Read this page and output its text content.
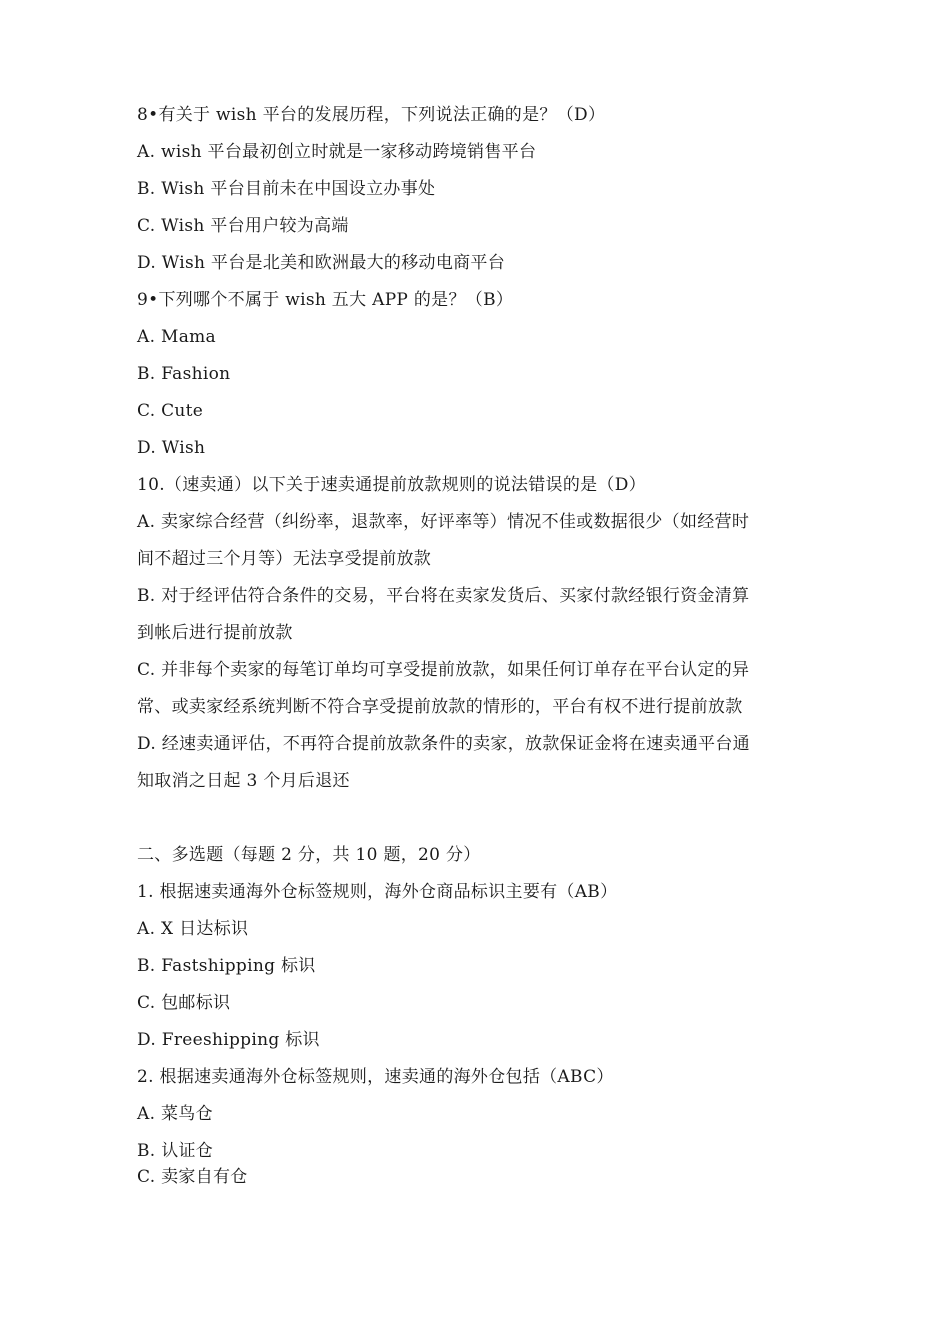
8•有关于 wish 平台的发展历程，下列说法正确的是？（D）
A. wish 平台最初创立时就是一家移动跨境销售平台
B. Wish 平台目前未在中国设立办事处
C. Wish 平台用户较为高端
D. Wish 平台是北美和欧洲最大的移动电商平台
9•下列哪个不属于 wish 五大 APP 的是？（B）
A. Mama
B. Fashion
C. Cute
D. Wish
10.（速卖通）以下关于速卖通提前放款规则的说法错误的是（D）
A. 卖家综合经营（纠纷率，退款率，好评率等）情况不佳或数据很少（如经营时
间不超过三个月等）无法享受提前放款
B. 对于经评估符合条件的交易，平台将在卖家发货后、买家付款经银行资金清算
到帐后进行提前放款
C. 并非每个卖家的每笔订单均可享受提前放款，如果任何订单存在平台认定的异
常、或卖家经系统判断不符合享受提前放款的情形的，平台有权不进行提前放款
D. 经速卖通评估，不再符合提前放款条件的卖家，放款保证金将在速卖通平台通
知取消之日起 3 个月后退还
二、多选题（每题 2 分，共 10 题，20 分）
1. 根据速卖通海外仓标签规则，海外仓商品标识主要有（AB）
A. X 日达标识
B. Fastshipping 标识
C. 包邮标识
D. Freeshipping 标识
2. 根据速卖通海外仓标签规则，速卖通的海外仓包括（ABC）
A. 菜鸟仓
B. 认证仓
C. 卖家自有仓
